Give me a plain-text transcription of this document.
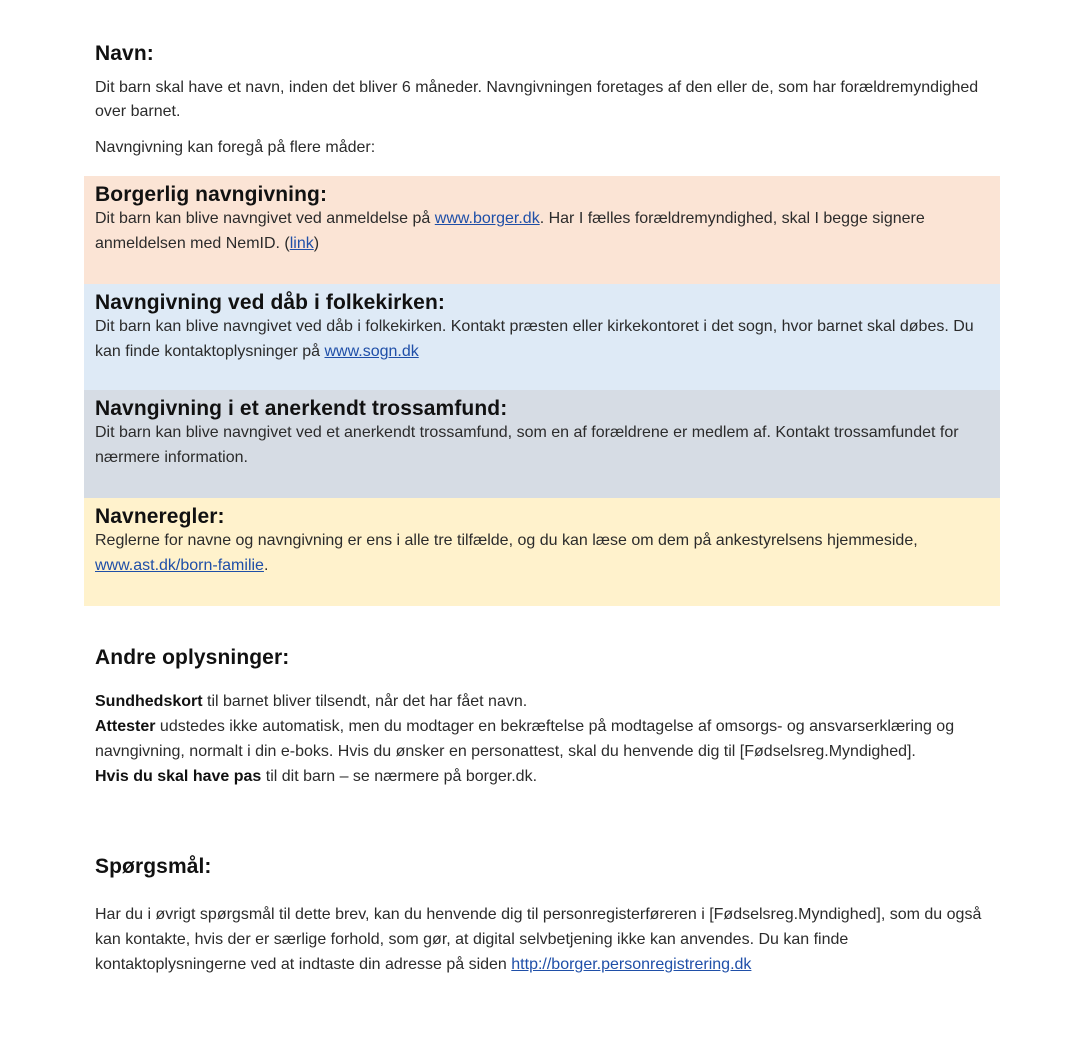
Navn:

Dit barn skal have et navn, inden det bliver 6 måneder. Navngivningen foretages af den eller de, som har forældremyndighed over barnet.

Navngivning kan foregå på flere måder:

Borgerlig navngivning:

Dit barn kan blive navngivet ved anmeldelse på www.borger.dk. Har I fælles forældremyndighed, skal I begge signere anmeldelsen med NemID. (link)

Navngivning ved dåb i folkekirken:

Dit barn kan blive navngivet ved dåb i folkekirken. Kontakt præsten eller kirkekontoret i det sogn, hvor barnet skal døbes. Du kan finde kontaktoplysninger på www.sogn.dk

Navngivning i et anerkendt trossamfund:

Dit barn kan blive navngivet ved et anerkendt trossamfund, som en af forældrene er medlem af. Kontakt trossamfundet for nærmere information.

Navneregler:

Reglerne for navne og navngivning er ens i alle tre tilfælde, og du kan læse om dem på ankestyrelsens hjemmeside, www.ast.dk/born-familie.

Andre oplysninger:

Sundhedskort til barnet bliver tilsendt, når det har fået navn.
Attester udstedes ikke automatisk, men du modtager en bekræftelse på modtagelse af omsorgs- og ansvarserklæring og navngivning, normalt i din e-boks. Hvis du ønsker en personattest, skal du henvende dig til [Fødselsreg.Myndighed].
Hvis du skal have pas til dit barn – se nærmere på borger.dk.

Spørgsmål:

Har du i øvrigt spørgsmål til dette brev, kan du henvende dig til personregisterføreren i [Fødselsreg.Myndighed], som du også kan kontakte, hvis der er særlige forhold, som gør, at digital selvbetjening ikke kan anvendes. Du kan finde kontaktoplysningerne ved at indtaste din adresse på siden http://borger.personregistrering.dk
